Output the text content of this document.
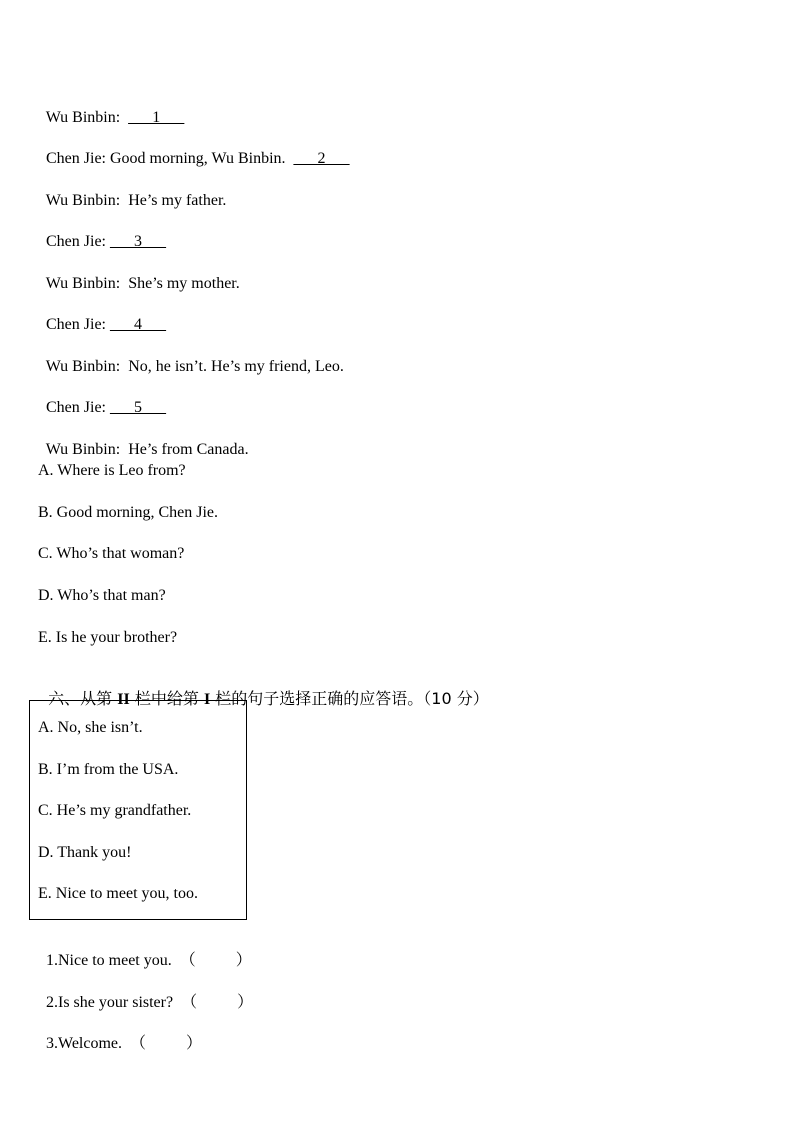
Wu Binbin: ___1___

Chen Jie: Good morning, Wu Binbin. ___2___

Wu Binbin: He’s my father.

Chen Jie: ___3___

Wu Binbin: She’s my mother.

Chen Jie: ___4___

Wu Binbin: No, he isn’t. He’s my friend, Leo.

Chen Jie: ___5___

Wu Binbin: He’s from Canada.

A. Where is Leo from?
B. Good morning, Chen Jie.
C. Who’s that woman?
D. Who’s that man?
E. Is he your brother?

六、从第 II 栏中给第 I 栏的句子选择正确的应答语。（10 分）

A. No, she isn’t.
B. I’m from the USA.
C. He’s my grandfather.
D. Thank you!
E. Nice to meet you, too.

1.Nice to meet you. （          ）

2.Is she your sister? （          ）

3.Welcome. （          ）
